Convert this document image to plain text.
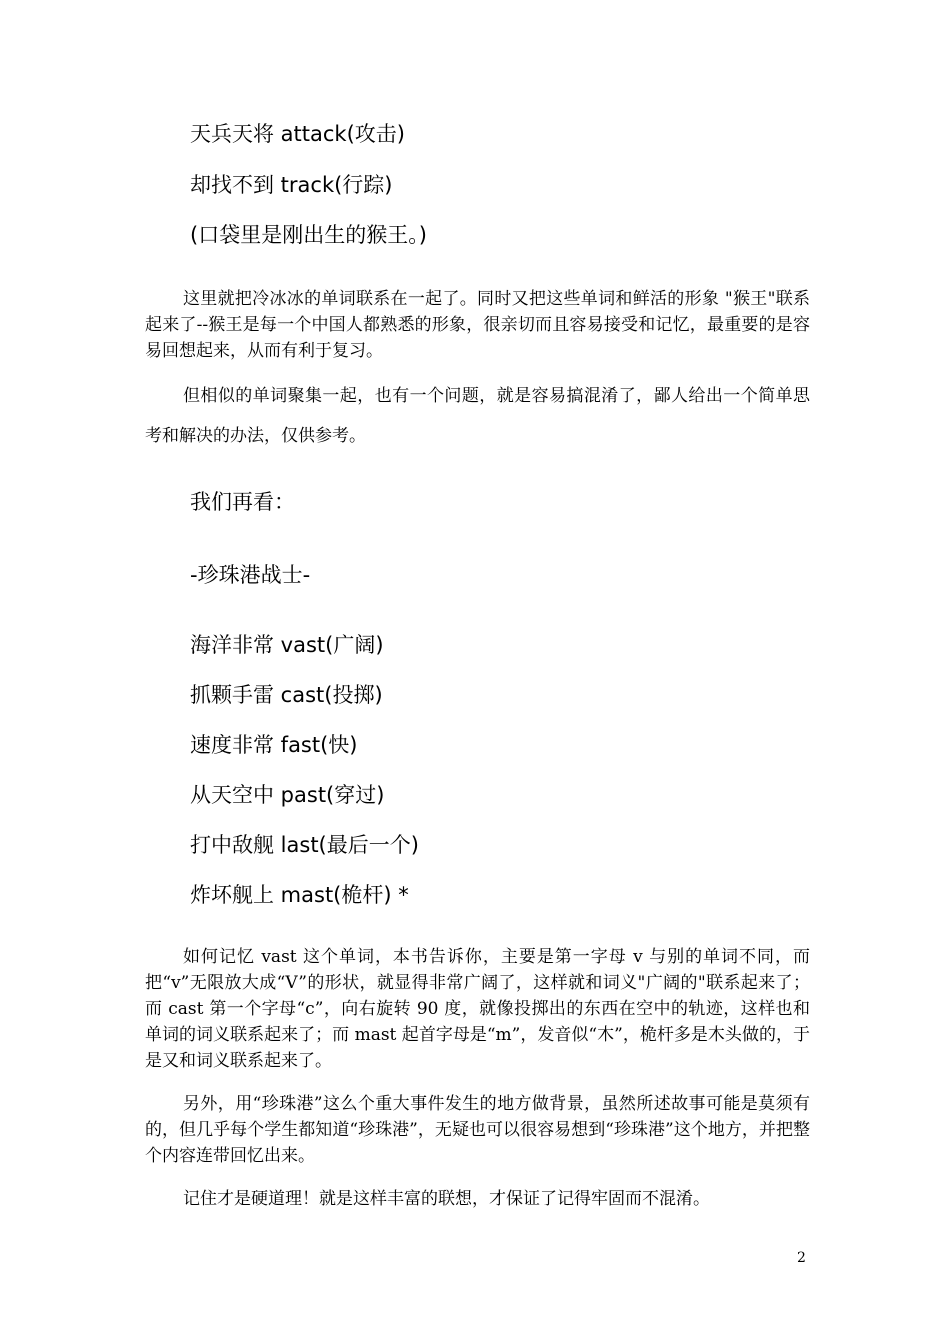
天兵天将 attack(攻击)
却找不到 track(行踪)
(口袋里是刚出生的猴王。)
这里就把冷冰冰的单词联系在一起了。同时又把这些单词和鲜活的形象 "猴王"联系起来了--猴王是每一个中国人都熟悉的形象，很亲切而且容易接受和记忆，最重要的是容易回想起来，从而有利于复习。
但相似的单词聚集一起，也有一个问题，就是容易搞混淆了，鄙人给出一个简单思考和解决的办法，仅供参考。
我们再看：
-珍珠港战士-
海洋非常 vast(广阔)
抓颗手雷 cast(投掷)
速度非常 fast(快)
从天空中 past(穿过)
打中敌舰 last(最后一个)
炸坏舰上 mast(桅杆) *
如何记忆 vast 这个单词，本书告诉你，主要是第一字母 v 与别的单词不同，而把“v”无限放大成“V”的形状，就显得非常广阔了，这样就和词义"广阔的"联系起来了；而 cast 第一个字母“c”，向右旋转 90 度，就像投掷出的东西在空中的轨迹，这样也和单词的词义联系起来了；而 mast 起首字母是“m”，发音似“木”，桅杆多是木头做的，于是又和词义联系起来了。
另外，用“珍珠港”这么个重大事件发生的地方做背景，虽然所述故事可能是莫须有的，但几乎每个学生都知道“珍珠港”，无疑也可以很容易想到“珍珠港”这个地方，并把整个内容连带回忆出来。
记住才是硬道理！就是这样丰富的联想，才保证了记得牢固而不混淆。
2
